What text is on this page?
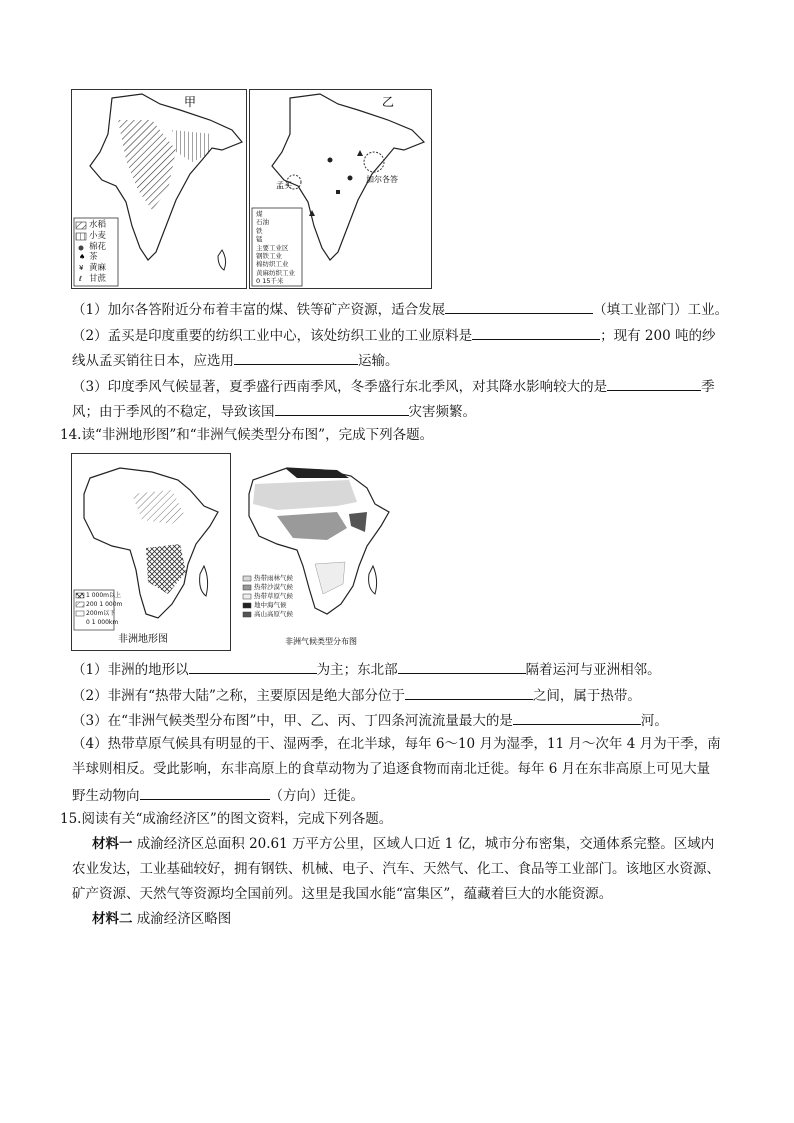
甲
♠
¥
ℓ
水稻
小麦
棉花
茶
黄麻
甘蔗
乙
孟买
加尔各答
煤
石油
铁
锰
主要工业区
钢铁工业
棉纺织工业
黄麻纺织工业
0 15千米
（1）加尔各答附近分布着丰富的煤、铁等矿产资源，适合发展	（填工业部门）工业。
（2）孟买是印度重要的纺织工业中心，该处纺织工业的工业原料是	；现有 200 吨的纱
线从孟买销往日本，应选用	运输。
（3）印度季风气候显著，夏季盛行西南季风，冬季盛行东北季风，对其降水影响较大的是	季
风；由于季风的不稳定，导致该国	灾害频繁。
14.读“非洲地形图”和“非洲气候类型分布图”，完成下列各题。
非洲地形图
1 000m以上
200 1 000m
200m以下
0 1 000km
非洲气候类型分布图
热带雨林气候
热带沙漠气候
热带草原气候
地中海气候
高山高原气候
（1）非洲的地形以	为主；东北部	隔着运河与亚洲相邻。
（2）非洲有“热带大陆”之称，主要原因是绝大部分位于	之间，属于热带。
（3）在“非洲气候类型分布图”中，甲、乙、丙、丁四条河流流量最大的是	河。
（4）热带草原气候具有明显的干、湿两季，在北半球，每年 6～10 月为湿季，11 月～次年 4 月为干季，南
半球则相反。受此影响，东非高原上的食草动物为了追逐食物而南北迁徙。每年 6 月在东非高原上可见大量
野生动物向	（方向）迁徙。
15.阅读有关“成渝经济区”的图文资料，完成下列各题。
材料一 成渝经济区总面积 20.61 万平方公里，区域人口近 1 亿，城市分布密集，交通体系完整。区域内
农业发达，工业基础较好，拥有钢铁、机械、电子、汽车、天然气、化工、食品等工业部门。该地区水资源、
矿产资源、天然气等资源均全国前列。这里是我国水能“富集区”，蕴藏着巨大的水能资源。
材料二 成渝经济区略图
